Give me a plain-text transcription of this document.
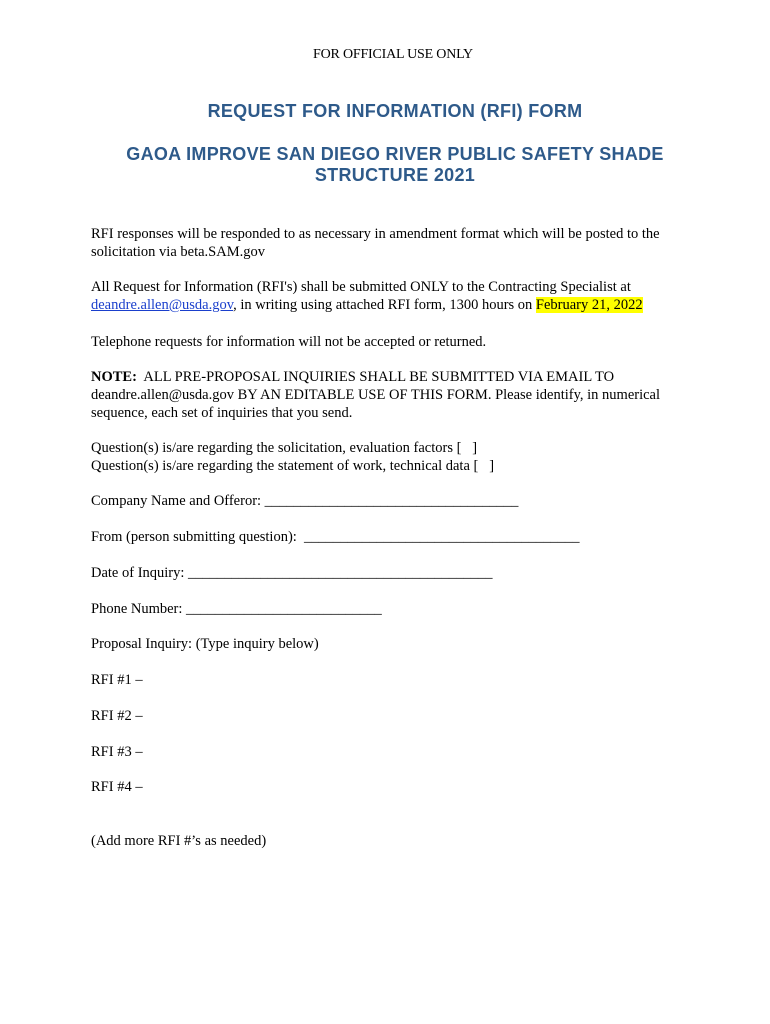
FOR OFFICIAL USE ONLY
REQUEST FOR INFORMATION (RFI) FORM
GAOA IMPROVE SAN DIEGO RIVER PUBLIC SAFETY SHADE
STRUCTURE 2021
RFI responses will be responded to as necessary in amendment format which will be posted to the
solicitation via beta.SAM.gov
All Request for Information (RFI's) shall be submitted ONLY to the Contracting Specialist at
deandre.allen@usda.gov, in writing using attached RFI form, 1300 hours on February 21, 2022
Telephone requests for information will not be accepted or returned.
NOTE:  ALL PRE-PROPOSAL INQUIRIES SHALL BE SUBMITTED VIA EMAIL TO
deandre.allen@usda.gov BY AN EDITABLE USE OF THIS FORM. Please identify, in numerical
sequence, each set of inquiries that you send.
Question(s) is/are regarding the solicitation, evaluation factors [   ]
Question(s) is/are regarding the statement of work, technical data [   ]
Company Name and Offeror: ___________________________________
From (person submitting question):  ______________________________________
Date of Inquiry: __________________________________________
Phone Number: ___________________________
Proposal Inquiry: (Type inquiry below)
RFI #1 –
RFI #2 –
RFI #3 –
RFI #4 –
(Add more RFI #’s as needed)
